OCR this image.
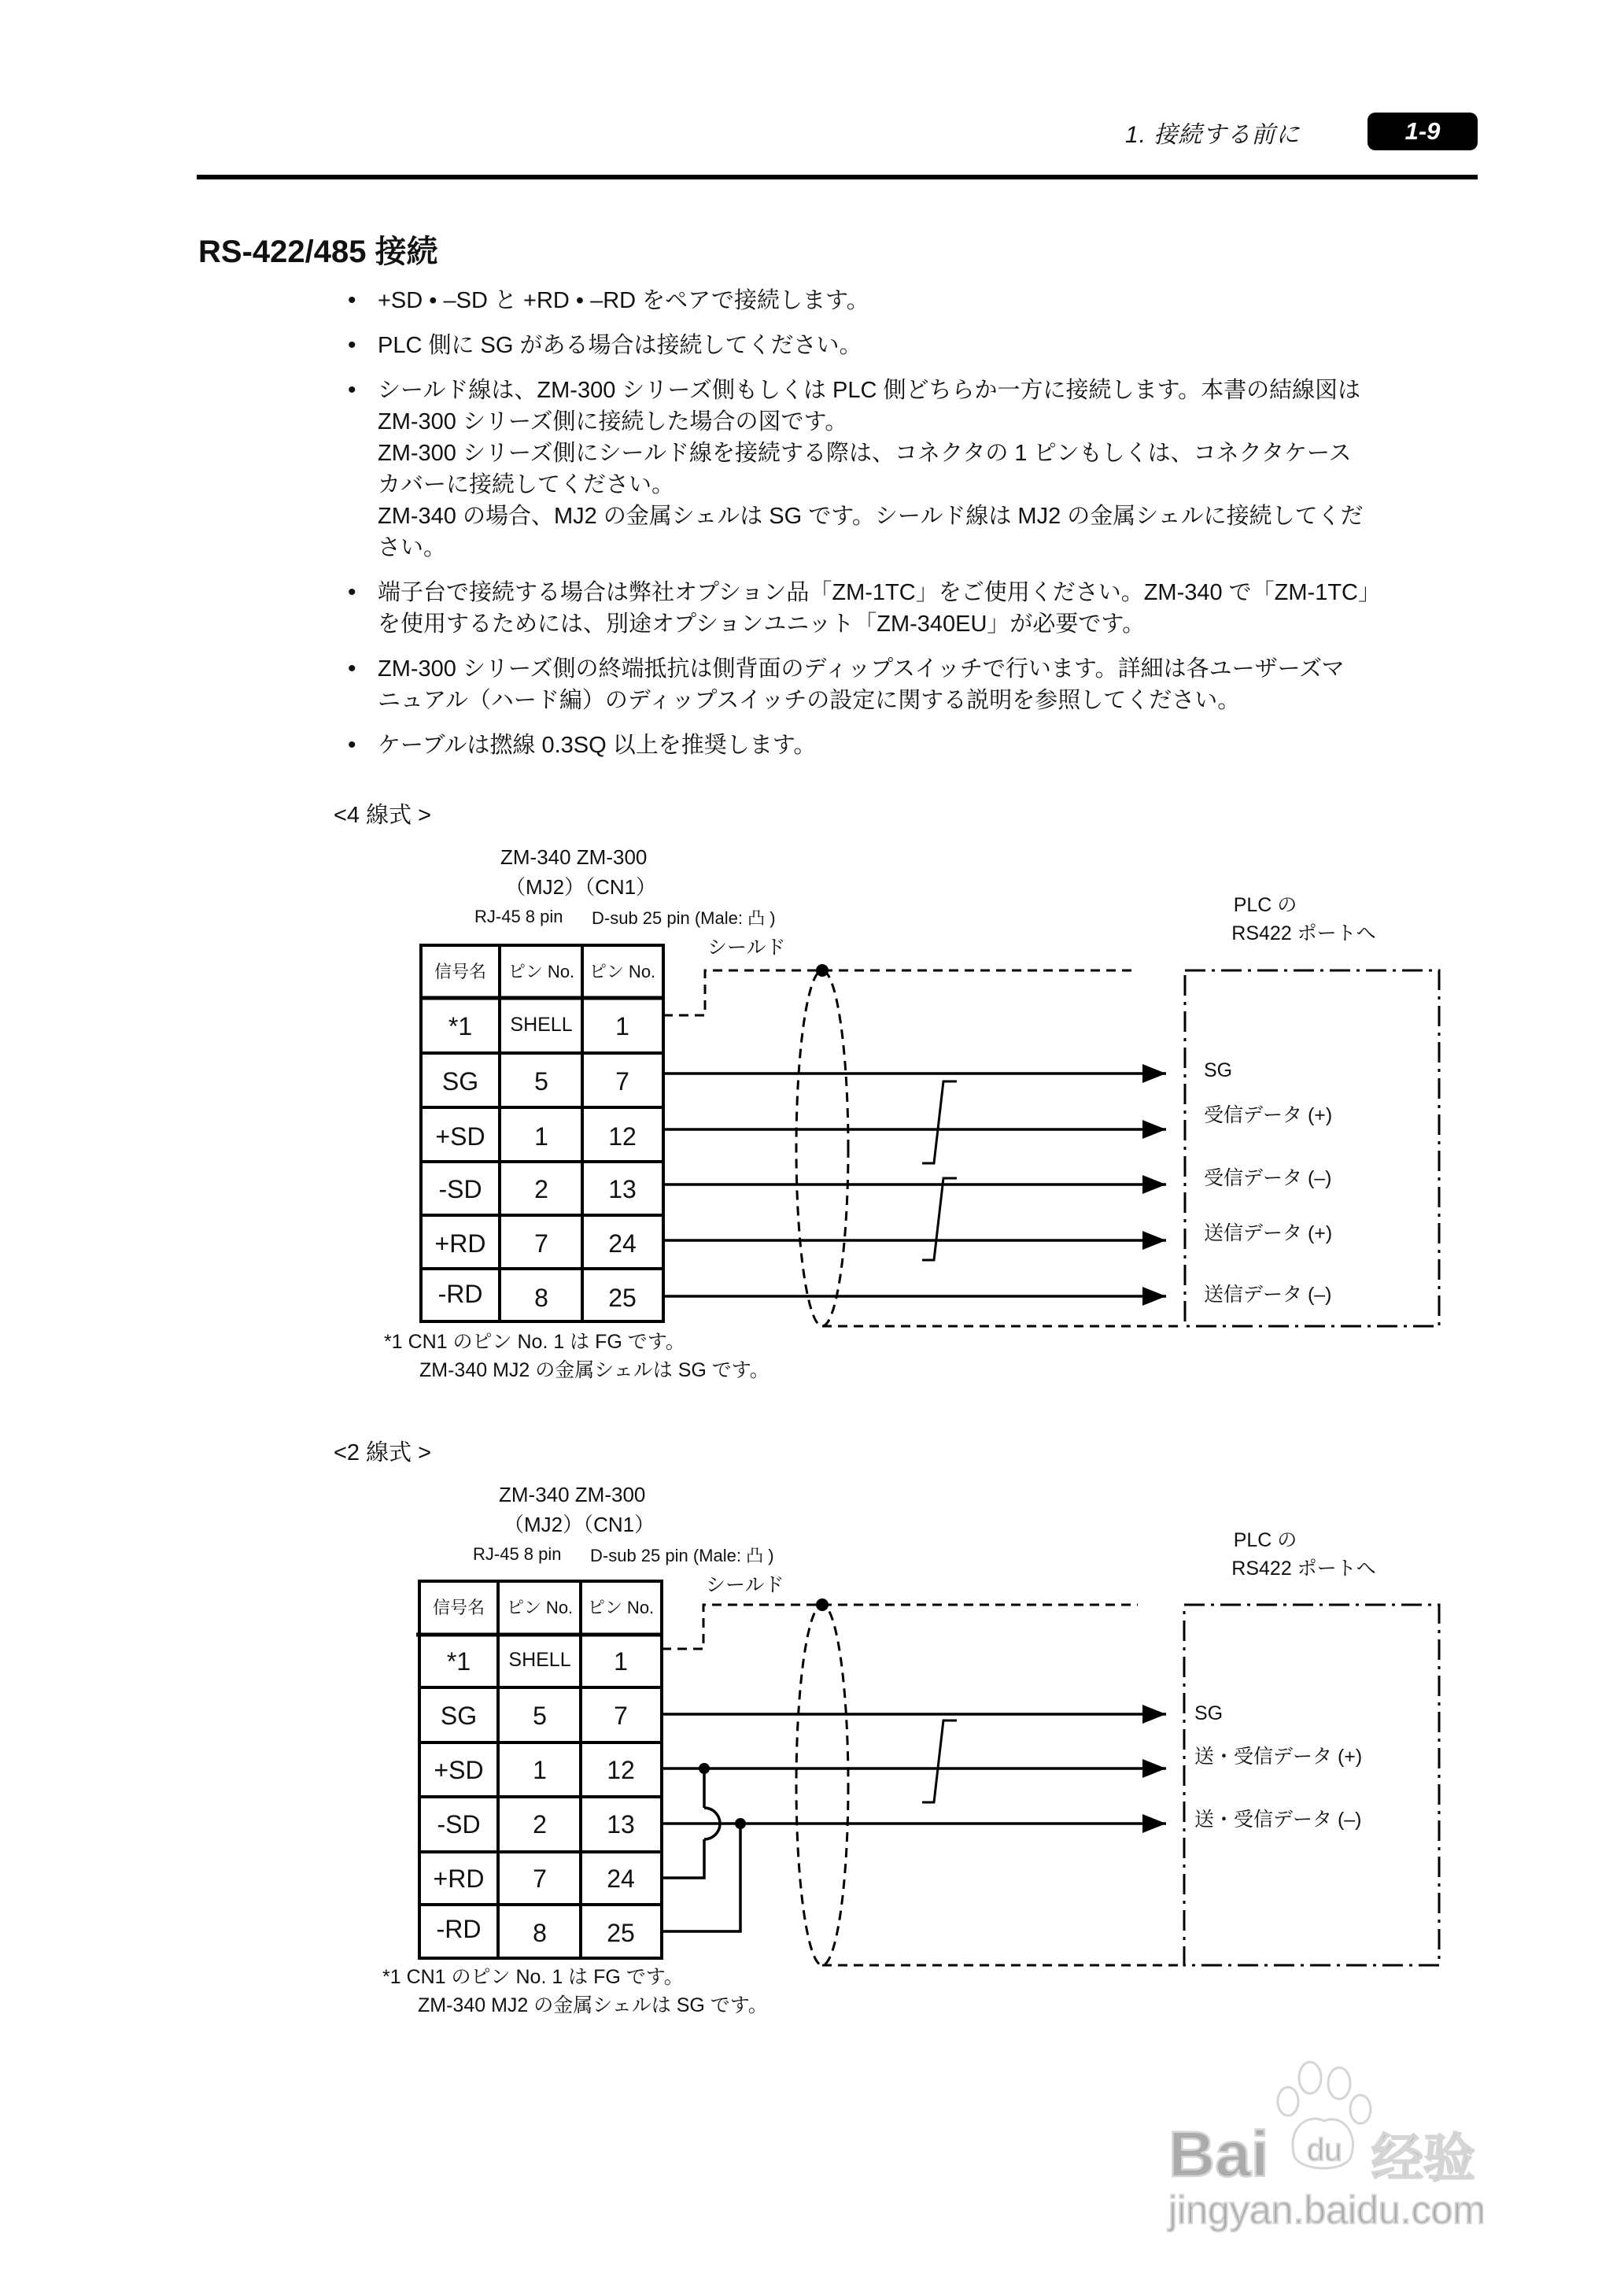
1. 接続する前に	1-9
RS-422/485 接続
• +SD • –SD と +RD • –RD をペアで接続します。
• PLC 側に SG がある場合は接続してください。
• シールド線は、ZM-300 シリーズ側もしくは PLC 側どちらか一方に接続します。本書の結線図は
ZM-300 シリーズ側に接続した場合の図です。
ZM-300 シリーズ側にシールド線を接続する際は、コネクタの 1 ピンもしくは、コネクタケース
カバーに接続してください。
ZM-340 の場合、MJ2 の金属シェルは SG です。シールド線は MJ2 の金属シェルに接続してくだ
さい。
• 端子台で接続する場合は弊社オプション品「ZM-1TC」をご使用ください。ZM-340 で「ZM-1TC」
を使用するためには、別途オプションユニット「ZM-340EU」が必要です。
• ZM-300 シリーズ側の終端抵抗は側背面のディップスイッチで行います。詳細は各ユーザーズマ
ニュアル（ハード編）のディップスイッチの設定に関する説明を参照してください。
• ケーブルは撚線 0.3SQ 以上を推奨します。
<4 線式 >
ZM-340 ZM-300
（MJ2）（CN1）
RJ-45 8 pin D-sub 25 pin (Male: 凸 )
シールド
PLC の
RS422 ポートへ
信号名 ピン No. ピン No.
*1 SHELL 1
SG 5	7
+SD 1 12
-SD 2 13
+RD 7 24
-RD 8 25
SG
受信データ (+)
受信データ (–)
送信データ (+)
送信データ (–)
*1 CN1 のピン No. 1 は FG です。
ZM-340 MJ2 の金属シェルは SG です。
<2 線式 >
ZM-340 ZM-300
（MJ2）（CN1）
RJ-45 8 pin D-sub 25 pin (Male: 凸 )
シールド
PLC の
RS422 ポートへ
信号名 ピン No. ピン No.
*1 SHELL 1
SG 5	7
+SD 1 12
-SD 2 13
+RD 7 24
-RD 8 25
SG
送・受信データ (+)
送・受信データ (–)
*1 CN1 のピン No. 1 は FG です。
ZM-340 MJ2 の金属シェルは SG です。
Bai du 经验
jingyan.baidu.com
